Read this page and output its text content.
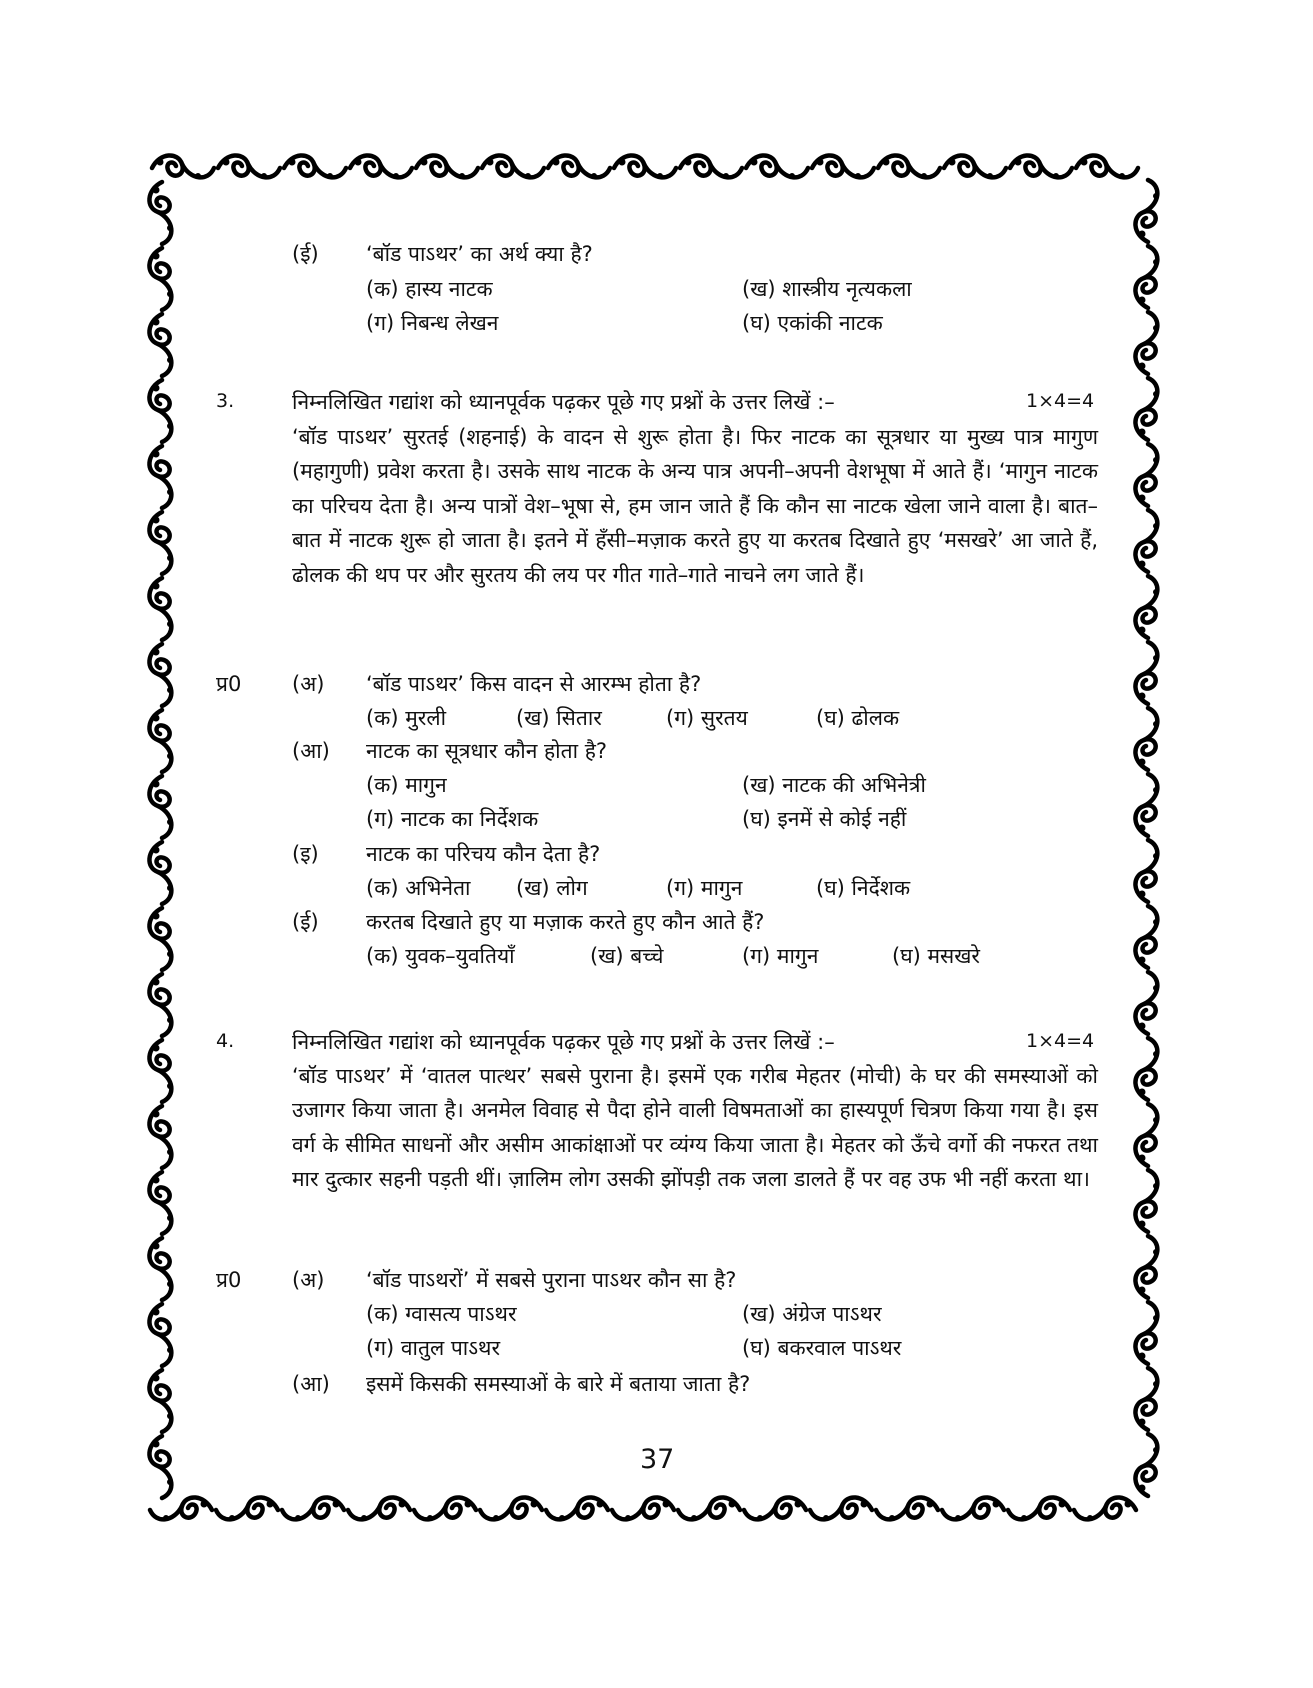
(ई) ‘बॉड पाऽथर’ का अर्थ क्या है?
(क) हास्य नाटक	(ख) शास्त्रीय नृत्यकला
(ग) निबन्ध लेखन	(घ) एकांकी नाटक
3.	निम्नलिखित गद्यांश को ध्यानपूर्वक पढ़कर पूछे गए प्रश्नों के उत्तर लिखें :–	1×4=4
‘बॉड पाऽथर’ सुरतई (शहनाई) के वादन से शुरू होता है। फिर नाटक का सूत्रधार या मुख्य पात्र मागुण (महागुणी) प्रवेश करता है। उसके साथ नाटक के अन्य पात्र अपनी–अपनी वेशभूषा में आते हैं। ‘मागुन नाटक का परिचय देता है। अन्य पात्रों वेश–भूषा से, हम जान जाते हैं कि कौन सा नाटक खेला जाने वाला है। बात–बात में नाटक शुरू हो जाता है। इतने में हँसी–मज़ाक करते हुए या करतब दिखाते हुए ‘मसखरे’ आ जाते हैं, ढोलक की थप पर और सुरतय की लय पर गीत गाते–गाते नाचने लग जाते हैं।
प्र0 (अ) ‘बॉड पाऽथर’ किस वादन से आरम्भ होता है?
(क) मुरली	(ख) सितार	(ग) सुरतय	(घ) ढोलक
(आ) नाटक का सूत्रधार कौन होता है?
(क) मागुन	(ख) नाटक की अभिनेत्री
(ग) नाटक का निर्देशक	(घ) इनमें से कोई नहीं
(इ) नाटक का परिचय कौन देता है?
(क) अभिनेता (ख) लोग	(ग) मागुन	(घ) निर्देशक
(ई) करतब दिखाते हुए या मज़ाक करते हुए कौन आते हैं?
(क) युवक–युवतियाँ	(ख) बच्चे	(ग) मागुन	(घ) मसखरे
4.	निम्नलिखित गद्यांश को ध्यानपूर्वक पढ़कर पूछे गए प्रश्नों के उत्तर लिखें :–	1×4=4
‘बॉड पाऽथर’ में ‘वातल पात्थर’ सबसे पुराना है। इसमें एक गरीब मेहतर (मोची) के घर की समस्याओं को उजागर किया जाता है। अनमेल विवाह से पैदा होने वाली विषमताओं का हास्यपूर्ण चित्रण किया गया है। इस वर्ग के सीमित साधनों और असीम आकांक्षाओं पर व्यंग्य किया जाता है। मेहतर को ऊँचे वर्गो की नफरत तथा मार दुत्कार सहनी पड़ती थीं। ज़ालिम लोग उसकी झोंपड़ी तक जला डालते हैं पर वह उफ भी नहीं करता था।
प्र0 (अ) ‘बॉड पाऽथरों’ में सबसे पुराना पाऽथर कौन सा है?
(क) ग्वासत्य पाऽथर	(ख) अंग्रेज पाऽथर
(ग) वातुल पाऽथर	(घ) बकरवाल पाऽथर
(आ) इसमें किसकी समस्याओं के बारे में बताया जाता है?
37
